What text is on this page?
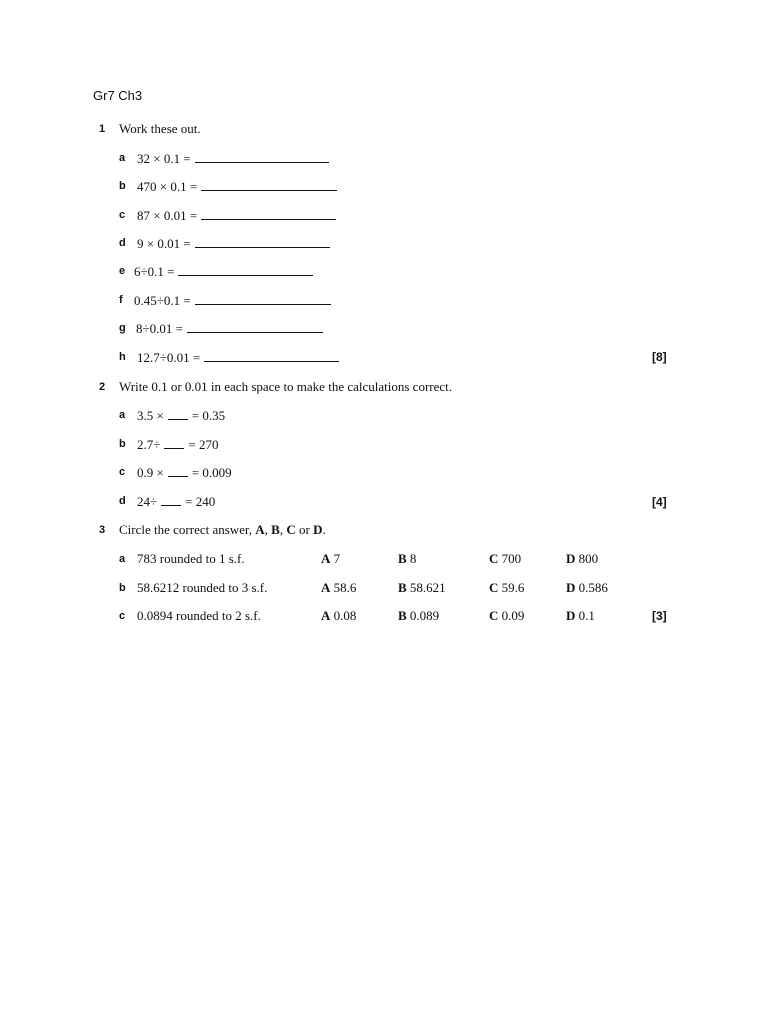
Gr7 Ch3
1 Work these out.
a 32 × 0.1 =
b 470 × 0.1 =
c 87 × 0.01 =
d 9 × 0.01 =
e 6÷0.1 =
f 0.45÷0.1 =
g 8÷0.01 =
h 12.7÷0.01 =	[8]
2 Write 0.1 or 0.01 in each space to make the calculations correct.
a 3.5 × = 0.35
b 2.7÷ = 270
c 0.9 × = 0.009
d 24÷ = 240	[4]
3 Circle the correct answer, A, B, C or D.
a 783 rounded to 1 s.f.	A 7	B 8	C 700	D 800
b 58.6212 rounded to 3 s.f.	A 58.6	B 58.621	C 59.6	D 0.586
c 0.0894 rounded to 2 s.f.	A 0.08	B 0.089	C 0.09	D 0.1	[3]
